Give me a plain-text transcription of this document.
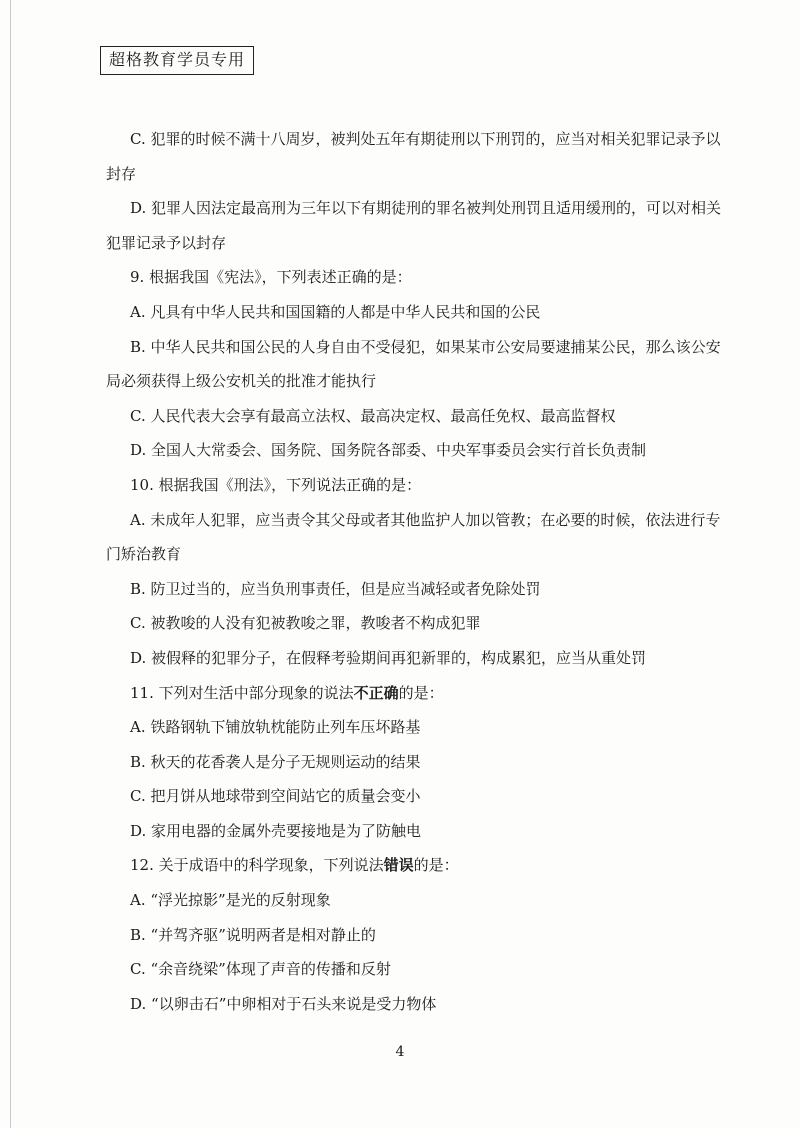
超格教育学员专用
C. 犯罪的时候不满十八周岁，被判处五年有期徒刑以下刑罚的，应当对相关犯罪记录予以
封存
D. 犯罪人因法定最高刑为三年以下有期徒刑的罪名被判处刑罚且适用缓刑的，可以对相关
犯罪记录予以封存
9. 根据我国《宪法》，下列表述正确的是：
A. 凡具有中华人民共和国国籍的人都是中华人民共和国的公民
B. 中华人民共和国公民的人身自由不受侵犯，如果某市公安局要逮捕某公民，那么该公安
局必须获得上级公安机关的批准才能执行
C. 人民代表大会享有最高立法权、最高决定权、最高任免权、最高监督权
D. 全国人大常委会、国务院、国务院各部委、中央军事委员会实行首长负责制
10. 根据我国《刑法》，下列说法正确的是：
A. 未成年人犯罪，应当责令其父母或者其他监护人加以管教；在必要的时候，依法进行专
门矫治教育
B. 防卫过当的，应当负刑事责任，但是应当减轻或者免除处罚
C. 被教唆的人没有犯被教唆之罪，教唆者不构成犯罪
D. 被假释的犯罪分子，在假释考验期间再犯新罪的，构成累犯，应当从重处罚
11. 下列对生活中部分现象的说法不正确的是：
A. 铁路钢轨下铺放轨枕能防止列车压坏路基
B. 秋天的花香袭人是分子无规则运动的结果
C. 把月饼从地球带到空间站它的质量会变小
D. 家用电器的金属外壳要接地是为了防触电
12. 关于成语中的科学现象，下列说法错误的是：
A. “浮光掠影”是光的反射现象
B. “并驾齐驱”说明两者是相对静止的
C. “余音绕梁”体现了声音的传播和反射
D. “以卵击石”中卵相对于石头来说是受力物体
4
